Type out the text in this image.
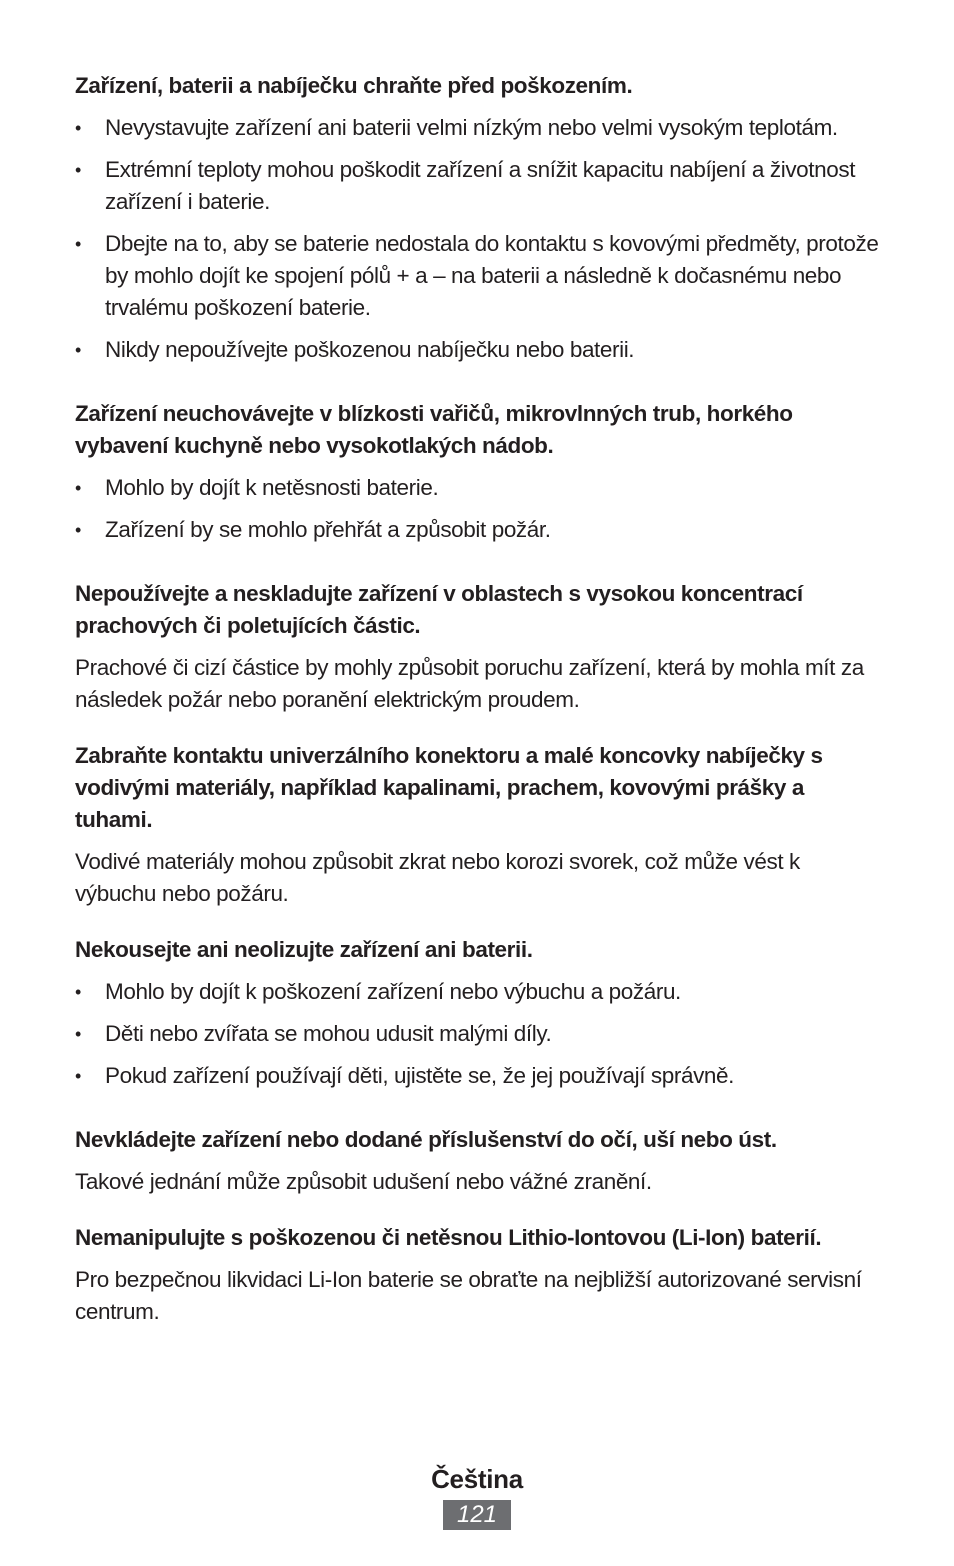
Zařízení, baterii a nabíječku chraňte před poškozením.
• Nevystavujte zařízení ani baterii velmi nízkým nebo velmi vysokým teplotám.
• Extrémní teploty mohou poškodit zařízení a snížit kapacitu nabíjení a životnost zařízení i baterie.
• Dbejte na to, aby se baterie nedostala do kontaktu s kovovými předměty, protože by mohlo dojít ke spojení pólů + a – na baterii a následně k dočasnému nebo trvalému poškození baterie.
• Nikdy nepoužívejte poškozenou nabíječku nebo baterii.
Zařízení neuchovávejte v blízkosti vařičů, mikrovlnných trub, horkého vybavení kuchyně nebo vysokotlakých nádob.
• Mohlo by dojít k netěsnosti baterie.
• Zařízení by se mohlo přehřát a způsobit požár.
Nepoužívejte a neskladujte zařízení v oblastech s vysokou koncentrací prachových či poletujících částic.

Prachové či cizí částice by mohly způsobit poruchu zařízení, která by mohla mít za následek požár nebo poranění elektrickým proudem.

Zabraňte kontaktu univerzálního konektoru a malé koncovky nabíječky s vodivými materiály, například kapalinami, prachem, kovovými prášky a tuhami.

Vodivé materiály mohou způsobit zkrat nebo korozi svorek, což může vést k výbuchu nebo požáru.

Nekousejte ani neolizujte zařízení ani baterii.
• Mohlo by dojít k poškození zařízení nebo výbuchu a požáru.
• Děti nebo zvířata se mohou udusit malými díly.
• Pokud zařízení používají děti, ujistěte se, že jej používají správně.
Nevkládejte zařízení nebo dodané příslušenství do očí, uší nebo úst.

Takové jednání může způsobit udušení nebo vážné zranění.

Nemanipulujte s poškozenou či netěsnou Lithio-Iontovou (Li-Ion) baterií.

Pro bezpečnou likvidaci Li-Ion baterie se obraťte na nejbližší autorizované servisní centrum.

Čeština
121
